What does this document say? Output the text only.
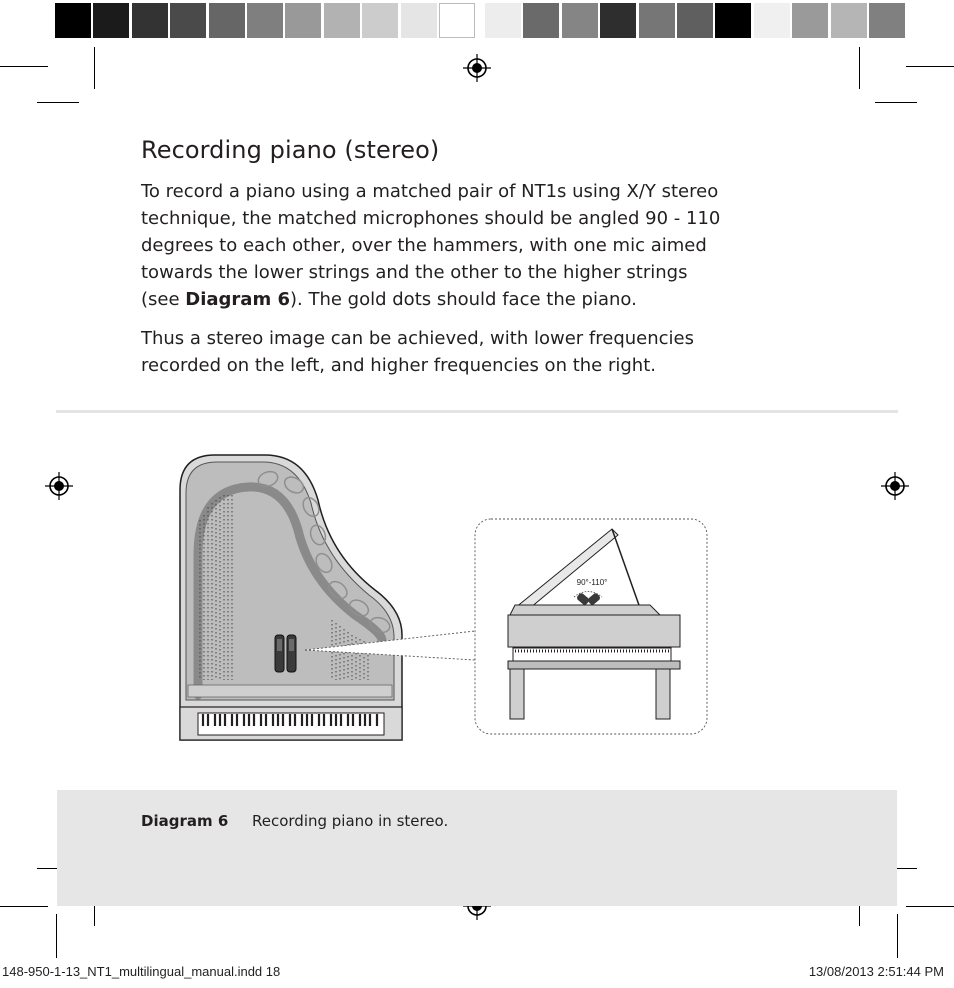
Recording piano (stereo)

To record a piano using a matched pair of NT1s using X/Y stereo
technique, the matched microphones should be angled 90 - 110
degrees to each other, over the hammers, with one mic aimed
towards the lower strings and the other to the higher strings
(see Diagram 6). The gold dots should face the piano.

Thus a stereo image can be achieved, with lower frequencies
recorded on the left, and higher frequencies on the right.

90°-110°
Diagram 6 Recording piano in stereo.
148-950-1-13_NT1_multilingual_manual.indd 18	13/08/2013 2:51:44 PM
